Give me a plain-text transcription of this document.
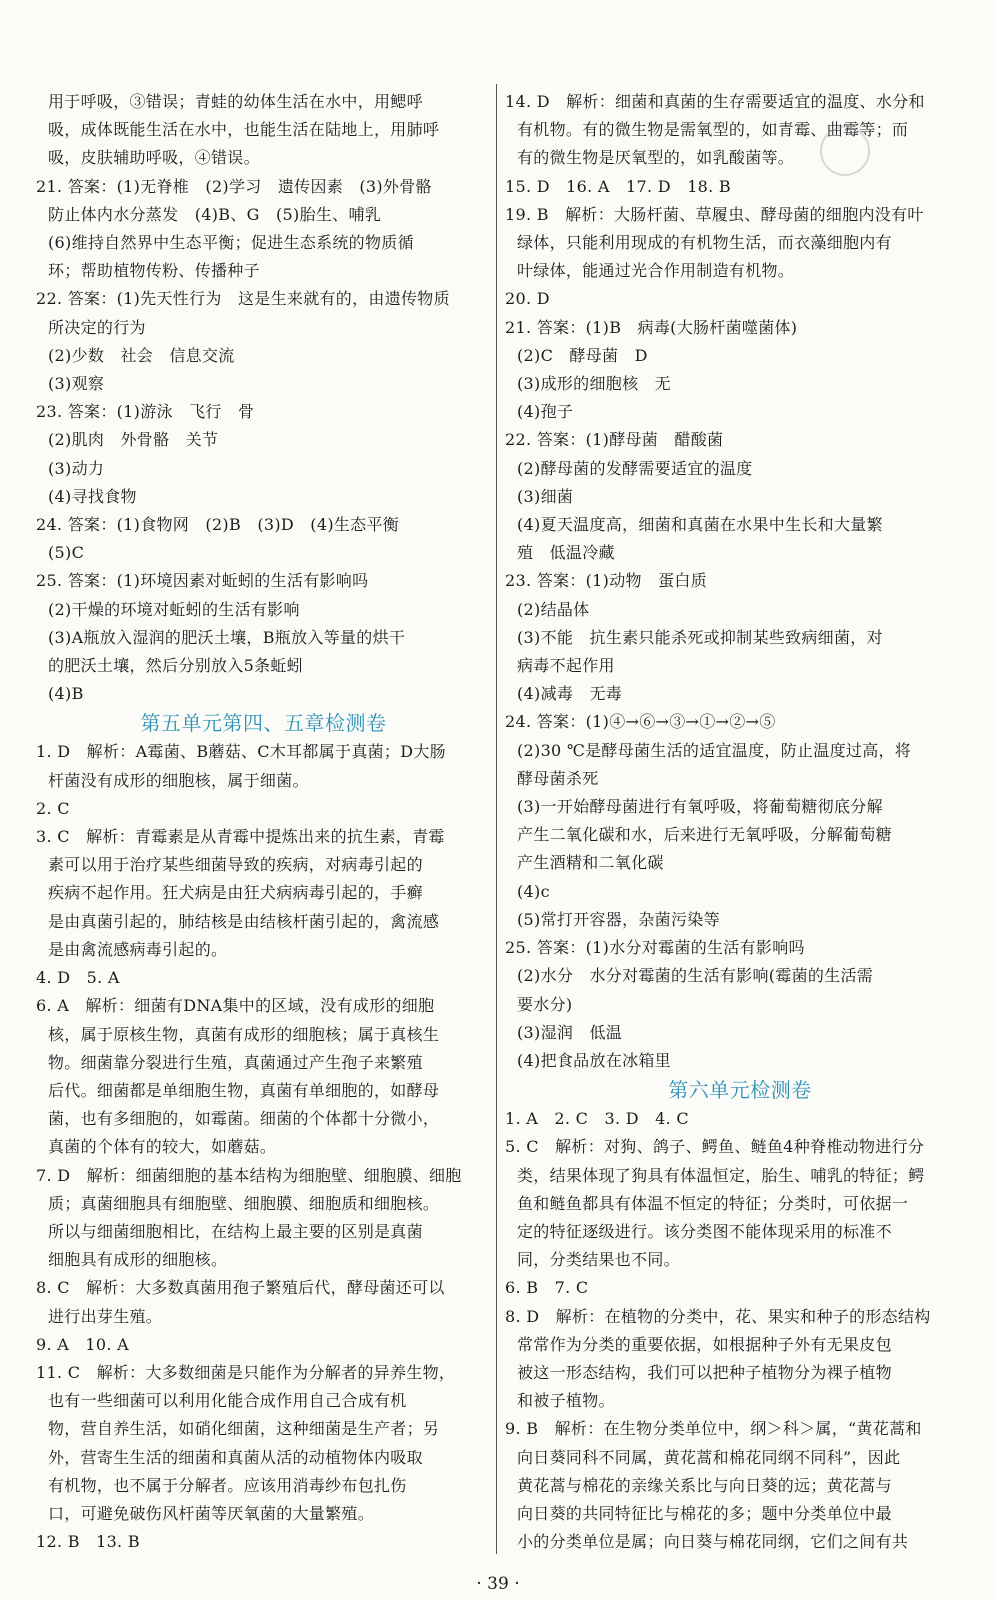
用于呼吸，③错误；青蛙的幼体生活在水中，用鳃呼

吸，成体既能生活在水中，也能生活在陆地上，用肺呼

吸，皮肤辅助呼吸，④错误。

21. 答案：(1)无脊椎　(2)学习　遗传因素　(3)外骨骼

防止体内水分蒸发　(4)B、G　(5)胎生、哺乳

(6)维持自然界中生态平衡；促进生态系统的物质循

环；帮助植物传粉、传播种子

22. 答案：(1)先天性行为　这是生来就有的，由遗传物质

所决定的行为

(2)少数　社会　信息交流

(3)观察

23. 答案：(1)游泳　飞行　骨

(2)肌肉　外骨骼　关节

(3)动力

(4)寻找食物

24. 答案：(1)食物网　(2)B　(3)D　(4)生态平衡

(5)C

25. 答案：(1)环境因素对蚯蚓的生活有影响吗

(2)干燥的环境对蚯蚓的生活有影响

(3)A瓶放入湿润的肥沃土壤，B瓶放入等量的烘干

的肥沃土壤，然后分别放入5条蚯蚓

(4)B

第五单元第四、五章检测卷

1. D　解析：A霉菌、B蘑菇、C木耳都属于真菌；D大肠

杆菌没有成形的细胞核，属于细菌。

2. C

3. C　解析：青霉素是从青霉中提炼出来的抗生素，青霉

素可以用于治疗某些细菌导致的疾病，对病毒引起的

疾病不起作用。狂犬病是由狂犬病病毒引起的，手癣

是由真菌引起的，肺结核是由结核杆菌引起的，禽流感

是由禽流感病毒引起的。

4. D　5. A

6. A　解析：细菌有DNA集中的区域，没有成形的细胞

核，属于原核生物，真菌有成形的细胞核；属于真核生

物。细菌靠分裂进行生殖，真菌通过产生孢子来繁殖

后代。细菌都是单细胞生物，真菌有单细胞的，如酵母

菌，也有多细胞的，如霉菌。细菌的个体都十分微小，

真菌的个体有的较大，如蘑菇。

7. D　解析：细菌细胞的基本结构为细胞壁、细胞膜、细胞

质；真菌细胞具有细胞壁、细胞膜、细胞质和细胞核。

所以与细菌细胞相比，在结构上最主要的区别是真菌

细胞具有成形的细胞核。

8. C　解析：大多数真菌用孢子繁殖后代，酵母菌还可以

进行出芽生殖。

9. A　10. A

11. C　解析：大多数细菌是只能作为分解者的异养生物，

也有一些细菌可以利用化能合成作用自己合成有机

物，营自养生活，如硝化细菌，这种细菌是生产者；另

外，营寄生生活的细菌和真菌从活的动植物体内吸取

有机物，也不属于分解者。应该用消毒纱布包扎伤

口，可避免破伤风杆菌等厌氧菌的大量繁殖。

12. B　13. B

14. D　解析：细菌和真菌的生存需要适宜的温度、水分和

有机物。有的微生物是需氧型的，如青霉、曲霉等；而

有的微生物是厌氧型的，如乳酸菌等。

15. D　16. A　17. D　18. B

19. B　解析：大肠杆菌、草履虫、酵母菌的细胞内没有叶

绿体，只能利用现成的有机物生活，而衣藻细胞内有

叶绿体，能通过光合作用制造有机物。

20. D

21. 答案：(1)B　病毒(大肠杆菌噬菌体)

(2)C　酵母菌　D

(3)成形的细胞核　无

(4)孢子

22. 答案：(1)酵母菌　醋酸菌

(2)酵母菌的发酵需要适宜的温度

(3)细菌

(4)夏天温度高，细菌和真菌在水果中生长和大量繁

殖　低温冷藏

23. 答案：(1)动物　蛋白质

(2)结晶体

(3)不能　抗生素只能杀死或抑制某些致病细菌，对

病毒不起作用

(4)减毒　无毒

24. 答案：(1)④→⑥→③→①→②→⑤

(2)30 ℃是酵母菌生活的适宜温度，防止温度过高，将

酵母菌杀死

(3)一开始酵母菌进行有氧呼吸，将葡萄糖彻底分解

产生二氧化碳和水，后来进行无氧呼吸，分解葡萄糖

产生酒精和二氧化碳

(4)c

(5)常打开容器，杂菌污染等

25. 答案：(1)水分对霉菌的生活有影响吗

(2)水分　水分对霉菌的生活有影响(霉菌的生活需

要水分)

(3)湿润　低温

(4)把食品放在冰箱里

第六单元检测卷

1. A　2. C　3. D　4. C

5. C　解析：对狗、鸽子、鳄鱼、鲢鱼4种脊椎动物进行分

类，结果体现了狗具有体温恒定，胎生、哺乳的特征；鳄

鱼和鲢鱼都具有体温不恒定的特征；分类时，可依据一

定的特征逐级进行。该分类图不能体现采用的标准不

同，分类结果也不同。

6. B　7. C

8. D　解析：在植物的分类中，花、果实和种子的形态结构

常常作为分类的重要依据，如根据种子外有无果皮包

被这一形态结构，我们可以把种子植物分为裸子植物

和被子植物。

9. B　解析：在生物分类单位中，纲＞科＞属，“黄花蒿和

向日葵同科不同属，黄花蒿和棉花同纲不同科”，因此

黄花蒿与棉花的亲缘关系比与向日葵的远；黄花蒿与

向日葵的共同特征比与棉花的多；题中分类单位中最

小的分类单位是属；向日葵与棉花同纲，它们之间有共

· 39 ·
